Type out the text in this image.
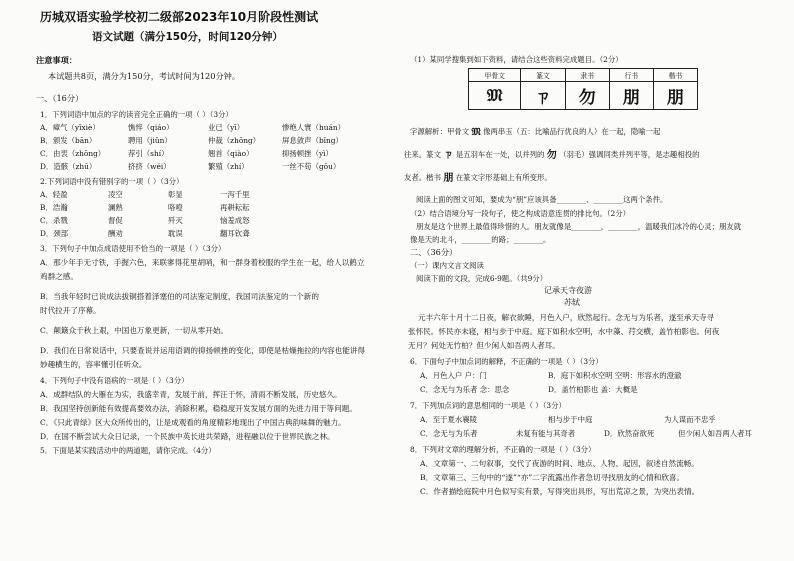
历城双语实验学校初二级部2023年10月阶段性测试
语文试题（满分150分，时间120分钟）
注意事项：
本试题共8页，满分为150分，考试时间为120分钟。
一、（16分）
1．下列词语中加点的字的读音完全正确的一项（ ）（3分）
A．瘴气（yǐxiè）	憔悴（qiáo）	业已（yī）	惨绝人寰（huán）
B．颁发（bān）	聘用（jiǔn）	仲裁（zhōng）	屏息敛声（bǐng）
C．由衷（zhōng）	荐引（shí）	翘首（qiào）	抑扬顿挫（yì）
D．造骸（zhū）	挤挤（wéi）	繁殖（zhí）	一丝不苟（gōu）
2.下列词语中没有错别字的一项（ ）（3分）
A．轻盈	凌空	彰显	一泻千里
B．浩瀚	澜熟	咯噔	再耕耘耘
C．杀戮	督促	歼灭	恼羞成怒
D．颈部	酬劝	耽误	翻耳钦聋
3．下列句子中加点成语使用不恰当的一项是（ ）（3分）
A．那少年手无寸铁，手握六色，来联寥得花里胡哨，和一群身着校服的学生在一起，给人以鹤立
鸡群之感。
B．当我年轻时已说成法拔铜搭着泽塞伯的司法鉴定制度，我国司法鉴定的一个新的
时代拉开了序幕。
C．颠簸众千秋上艰，中国也万象更新，一切从零开始。
D．我们在日常说话中，只要查说并运用语调的抑扬顿挫的变化，即使是枯燥拖拉的内容也能讲得
妙趣横生的，容率懂引任听众。
4．下列句子中没有语病的一项是（ ）（3分）
A．成群结队的大雁在为实，我盛幸青，发展于前，挥汪于怀，清雨不断发展，历史悠久。
B．我国坚持创新能有效提高要效办法，消除积累，稳稳度开发发展方面的先进力用于等问题。
C．《只此青绿》区大众所传出的，让是成观看的角度精彩地现出了中国古典韵味舞的魅力。
D．在国不断尝试大众日记录，一个民族中英长进共荣路，进程融以位于世界民族之林。
5．下面是某实践活动中的两道题，请你完成。（4分）
（1）某同学搜集到如下资料，请结合这些资料完成题目。（2分）
甲骨文	篆文	隶书	行书	楷书
𝔐	ㄗ	勿	朋	朋
字源解析：甲骨文 𝔐 像两串玉（五：比喻品行优良的人）在一起，隐喻一起
往来。篆文 ㄗ 是五羽车在一处，以并列的 勿 （羽毛）强调同类并列平等，是志趣相投的
友者。楷书 朋 在篆文字形基础上有所变形。
阅读上面的图文可知，要成为“朋”应该具备________、________这两个条件。
（2）结合语境分写一段句子，使之构成语意连贯的排比句。（2分）
朋友是这个世界上最值得珍惜的人。朋友就像是________，________，温暖我们冰冷的心灵；朋友就
像是天的北斗，________的路；________。
二、（36分）
（一）课内文言文阅读
阅读下面的文段，完成6-9题。（共9分）
记承天寺夜游
苏轼
元丰六年十月十二日夜，解衣欲睡，月色入户，欣然起行。念无与为乐者，遂至承天寺寻
张怀民。怀民亦未寝，相与步于中庭。庭下如积水空明，水中藻、荇交横，盖竹柏影也。何夜
无月？何处无竹柏？但少闲人如吾两人者耳。
6．下面句子中加点词的解释，不正确的一项是（ ）（3分）
A．月色入户 户：门	B．庭下如积水空明 空明：形容水的澄澈
C．念无与为乐者 念：思念	D．盖竹柏影也 盖：大概是
7．下列加点词的意思相同的一项是（ ）（3分）
A．至于夏水襄陵	相与步于中庭	为人谋而不忠乎
C．念无与为乐者	未复有能与其奇者	D．欣然奋欲死	但少闲人如吾两人者耳
8．下列对文章的理解分析，不正确的一项是（ ）（3分）
A．文章第一、二句叙事，交代了夜游的时间、地点、人物、起因，叙述自然流畅。
B．文章第三、三句中的“遂”“亦”二字流露出作者急切寻找朋友的心情和欣喜。
C．作者描绘庭院中月色似写实有景，写得突出具形，写出荒凉之景，为突出表情。
